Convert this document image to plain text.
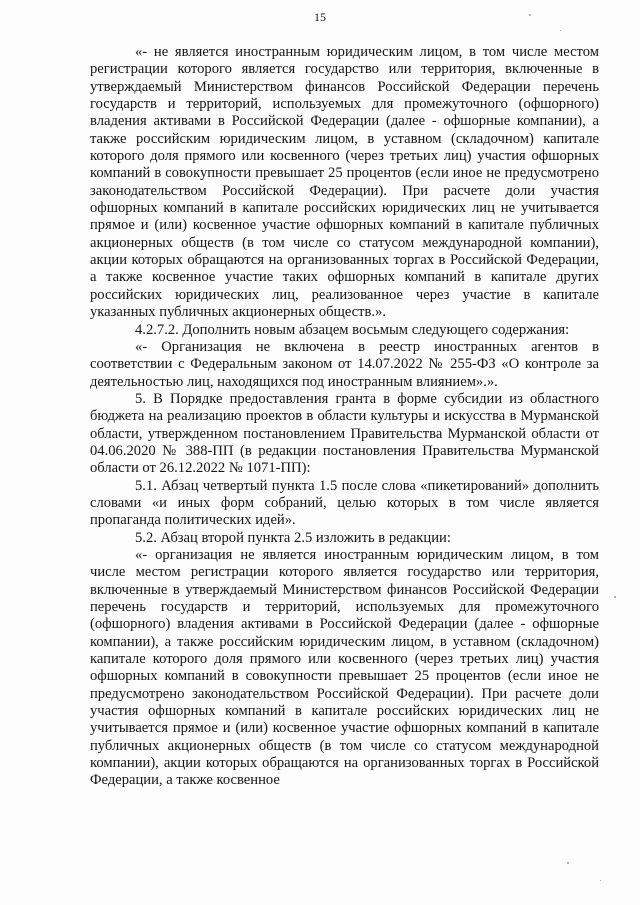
15

«- не является иностранным юридическим лицом, в том числе местом регистрации которого является государство или территория, включенные в утверждаемый Министерством финансов Российской Федерации перечень государств и территорий, используемых для промежуточного (офшорного) владения активами в Российской Федерации (далее - офшорные компании), а также российским юридическим лицом, в уставном (складочном) капитале которого доля прямого или косвенного (через третьих лиц) участия офшорных компаний в совокупности превышает 25 процентов (если иное не предусмотрено законодательством Российской Федерации). При расчете доли участия офшорных компаний в капитале российских юридических лиц не учитывается прямое и (или) косвенное участие офшорных компаний в капитале публичных акционерных обществ (в том числе со статусом международной компании), акции которых обращаются на организованных торгах в Российской Федерации, а также косвенное участие таких офшорных компаний в капитале других российских юридических лиц, реализованное через участие в капитале указанных публичных акционерных обществ.».

4.2.7.2. Дополнить новым абзацем восьмым следующего содержания:

«- Организация не включена в реестр иностранных агентов в соответствии с Федеральным законом от 14.07.2022 № 255-ФЗ «О контроле за деятельностью лиц, находящихся под иностранным влиянием».».

5. В Порядке предоставления гранта в форме субсидии из областного бюджета на реализацию проектов в области культуры и искусства в Мурманской области, утвержденном постановлением Правительства Мурманской области от 04.06.2020 № 388-ПП (в редакции постановления Правительства Мурманской области от 26.12.2022 № 1071-ПП):

5.1. Абзац четвертый пункта 1.5 после слова «пикетирований» дополнить словами «и иных форм собраний, целью которых в том числе является пропаганда политических идей».

5.2. Абзац второй пункта 2.5 изложить в редакции:

«- организация не является иностранным юридическим лицом, в том числе местом регистрации которого является государство или территория, включенные в утверждаемый Министерством финансов Российской Федерации перечень государств и территорий, используемых для промежуточного (офшорного) владения активами в Российской Федерации (далее - офшорные компании), а также российским юридическим лицом, в уставном (складочном) капитале которого доля прямого или косвенного (через третьих лиц) участия офшорных компаний в совокупности превышает 25 процентов (если иное не предусмотрено законодательством Российской Федерации). При расчете доли участия офшорных компаний в капитале российских юридических лиц не учитывается прямое и (или) косвенное участие офшорных компаний в капитале публичных акционерных обществ (в том числе со статусом международной компании), акции которых обращаются на организованных торгах в Российской Федерации, а также косвенное
